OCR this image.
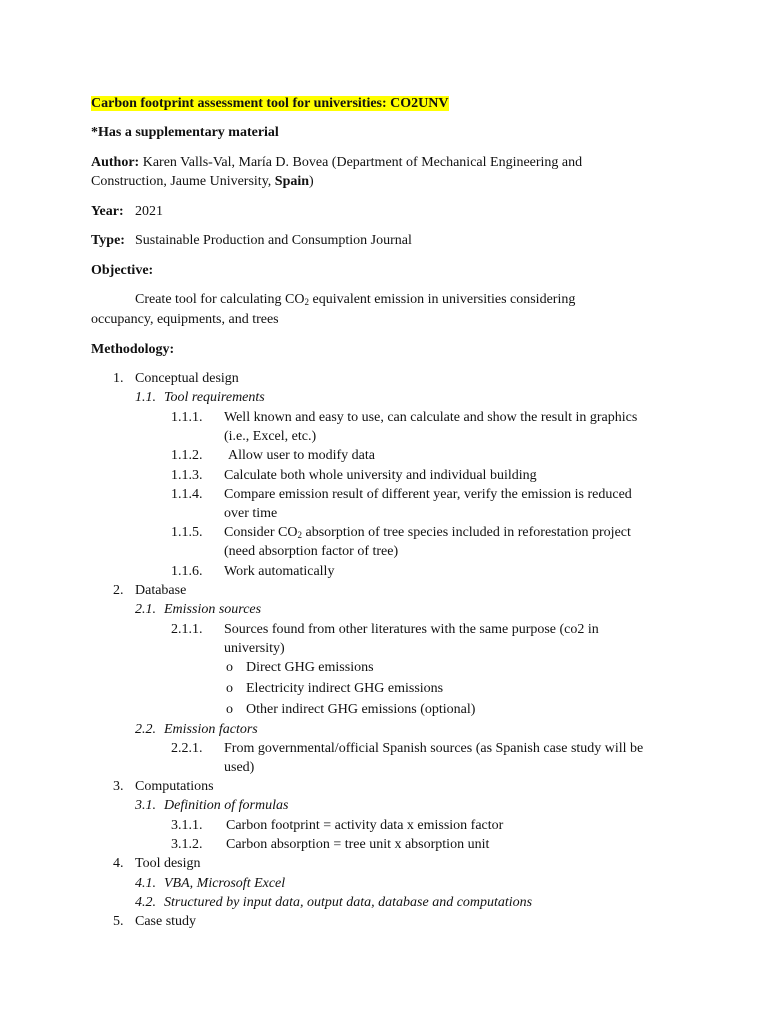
Carbon footprint assessment tool for universities: CO2UNV
*Has a supplementary material
Author: Karen Valls-Val, María D. Bovea (Department of Mechanical Engineering and
Construction, Jaume University, Spain)
Year: 2021
Type: Sustainable Production and Consumption Journal
Objective:
Create tool for calculating $CO_2$ equivalent emission in universities considering
occupancy, equipments, and trees
Methodology:
1. Conceptual design
1.1. Tool requirements
1.1.1. Well known and easy to use, can calculate and show the result in graphics
(i.e., Excel, etc.)
1.1.2. Allow user to modify data
1.1.3. Calculate both whole university and individual building
1.1.4. Compare emission result of different year, verify the emission is reduced
over time
1.1.5. Consider $CO_2$ absorption of tree species included in reforestation project
(need absorption factor of tree)
1.1.6. Work automatically
2. Database
2.1. Emission sources
2.1.1. Sources found from other literatures with the same purpose (co2 in
university)
o Direct GHG emissions
o Electricity indirect GHG emissions
o Other indirect GHG emissions (optional)
2.2. Emission factors
2.2.1. From governmental/official Spanish sources (as Spanish case study will be
used)
3. Computations
3.1. Definition of formulas
3.1.1. Carbon footprint = activity data x emission factor
3.1.2. Carbon absorption = tree unit x absorption unit
4. Tool design
4.1. VBA, Microsoft Excel
4.2. Structured by input data, output data, database and computations
5. Case study
